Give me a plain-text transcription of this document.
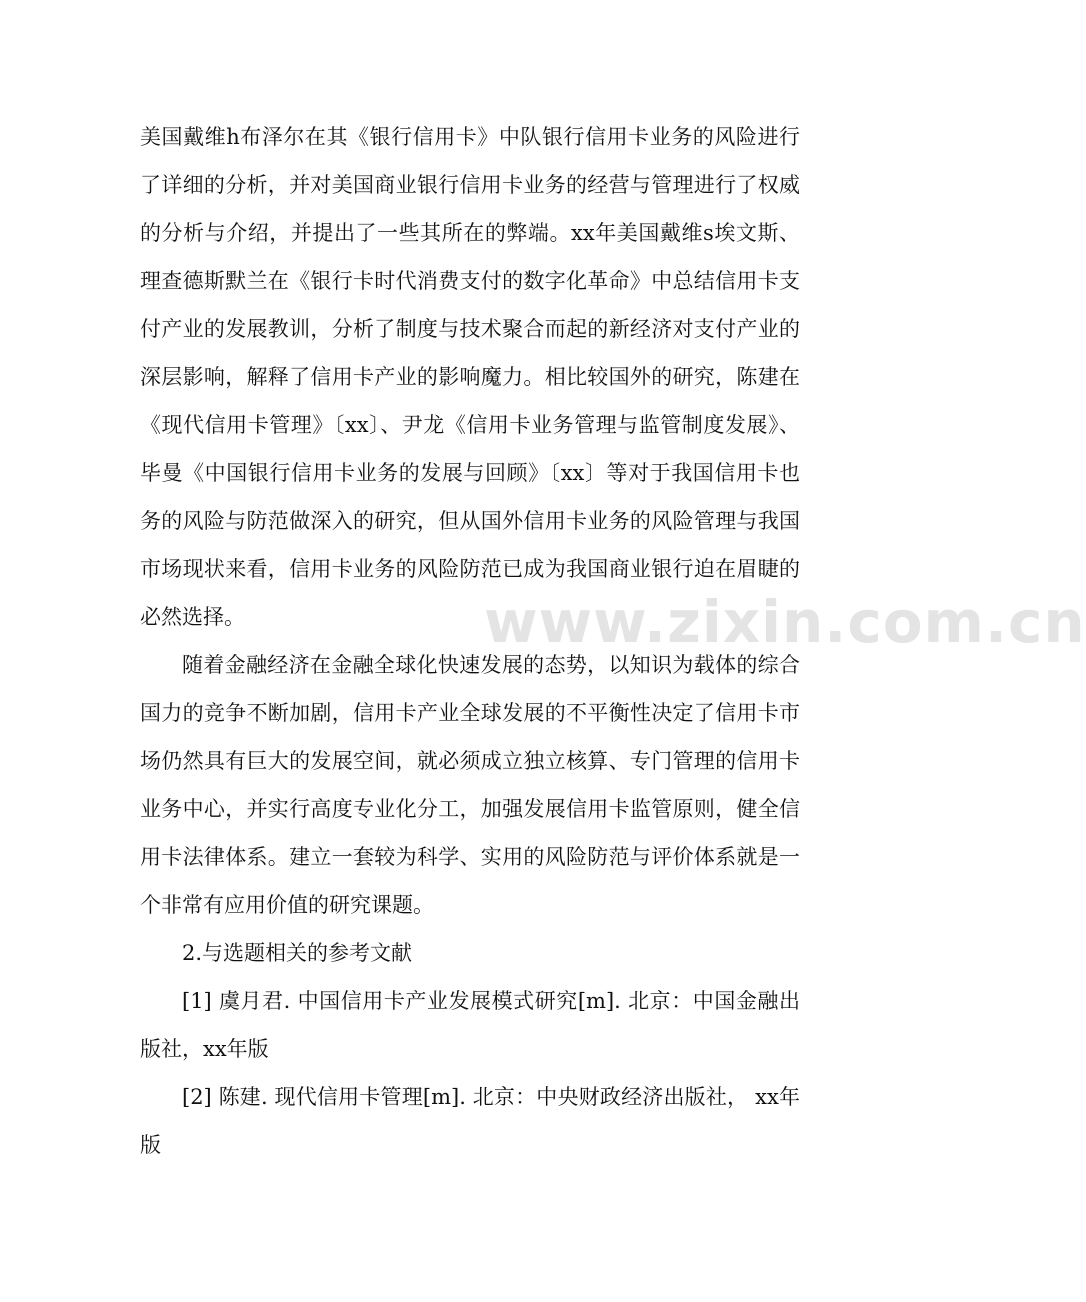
www.zixin.com.cn

美国戴维h布泽尔在其《银行信用卡》中队银行信用卡业务的风险进行了详细的分析，并对美国商业银行信用卡业务的经营与管理进行了权威的分析与介绍，并提出了一些其所在的弊端。xx年美国戴维s埃文斯、理查德斯默兰在《银行卡时代消费支付的数字化革命》中总结信用卡支付产业的发展教训，分析了制度与技术聚合而起的新经济对支付产业的深层影响，解释了信用卡产业的影响魔力。相比较国外的研究，陈建在《现代信用卡管理》〔xx〕、尹龙《信用卡业务管理与监管制度发展》、毕曼《中国银行信用卡业务的发展与回顾》〔xx〕等对于我国信用卡也务的风险与防范做深入的研究，但从国外信用卡业务的风险管理与我国市场现状来看，信用卡业务的风险防范已成为我国商业银行迫在眉睫的必然选择。

随着金融经济在金融全球化快速发展的态势，以知识为载体的综合国力的竞争不断加剧，信用卡产业全球发展的不平衡性决定了信用卡市场仍然具有巨大的发展空间，就必须成立独立核算、专门管理的信用卡业务中心，并实行高度专业化分工，加强发展信用卡监管原则，健全信用卡法律体系。建立一套较为科学、实用的风险防范与评价体系就是一个非常有应用价值的研究课题。

2.与选题相关的参考文献

[1] 虞月君. 中国信用卡产业发展模式研究[m]. 北京：中国金融出版社，xx年版

[2] 陈建. 现代信用卡管理[m]. 北京：中央财政经济出版社， xx年版
